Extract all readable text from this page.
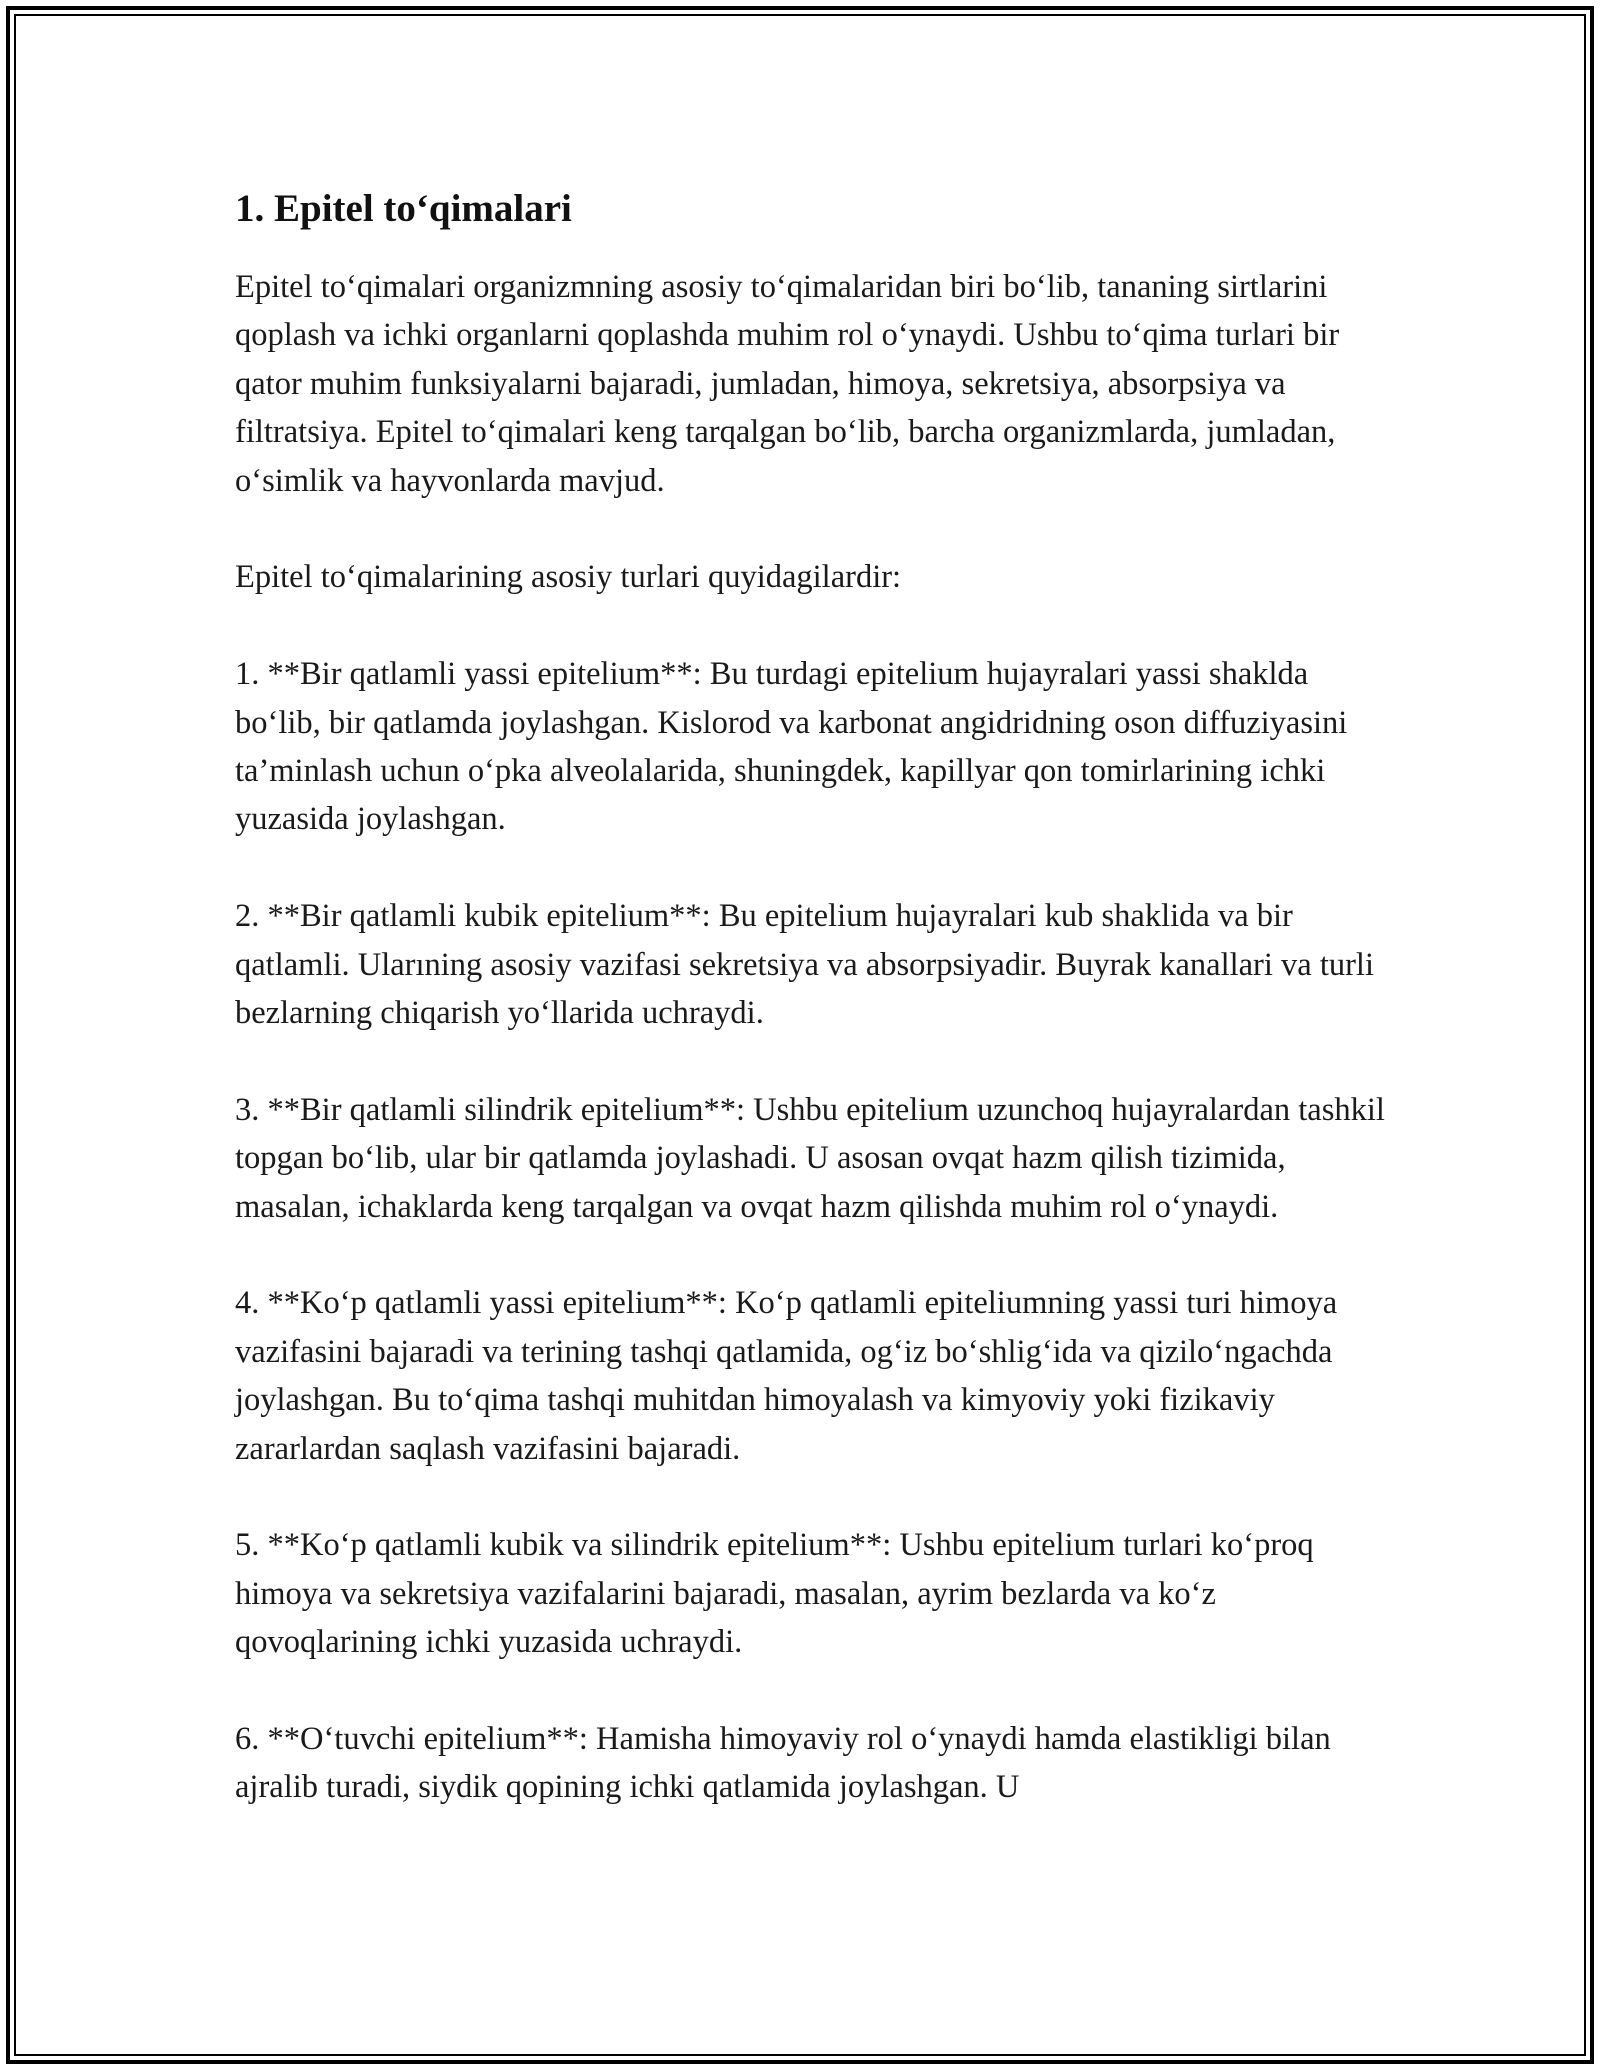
1. Epitel to‘qimalari

Epitel to‘qimalari organizmning asosiy to‘qimalaridan biri bo‘lib, tananing sirtlarini qoplash va ichki organlarni qoplashda muhim rol o‘ynaydi. Ushbu to‘qima turlari bir qator muhim funksiyalarni bajaradi, jumladan, himoya, sekretsiya, absorpsiya va filtratsiya. Epitel to‘qimalari keng tarqalgan bo‘lib, barcha organizmlarda, jumladan, o‘simlik va hayvonlarda mavjud.

Epitel to‘qimalarining asosiy turlari quyidagilardir:

1. **Bir qatlamli yassi epitelium**: Bu turdagi epitelium hujayralari yassi shaklda bo‘lib, bir qatlamda joylashgan. Kislorod va karbonat angidridning oson diffuziyasini ta’minlash uchun o‘pka alveolalarida, shuningdek, kapillyar qon tomirlarining ichki yuzasida joylashgan.

2. **Bir qatlamli kubik epitelium**: Bu epitelium hujayralari kub shaklida va bir qatlamli. Ularıning asosiy vazifasi sekretsiya va absorpsiyadir. Buyrak kanallari va turli bezlarning chiqarish yo‘llarida uchraydi.

3. **Bir qatlamli silindrik epitelium**: Ushbu epitelium uzunchoq hujayralardan tashkil topgan bo‘lib, ular bir qatlamda joylashadi. U asosan ovqat hazm qilish tizimida, masalan, ichaklarda keng tarqalgan va ovqat hazm qilishda muhim rol o‘ynaydi.

4. **Ko‘p qatlamli yassi epitelium**: Ko‘p qatlamli epiteliumning yassi turi himoya vazifasini bajaradi va terining tashqi qatlamida, og‘iz bo‘shlig‘ida va qizilo‘ngachda joylashgan. Bu to‘qima tashqi muhitdan himoyalash va kimyoviy yoki fizikaviy zararlardan saqlash vazifasini bajaradi.

5. **Ko‘p qatlamli kubik va silindrik epitelium**: Ushbu epitelium turlari ko‘proq himoya va sekretsiya vazifalarini bajaradi, masalan, ayrim bezlarda va ko‘z qovoqlarining ichki yuzasida uchraydi.

6. **O‘tuvchi epitelium**: Hamisha himoyaviy rol o‘ynaydi hamda elastikligi bilan ajralib turadi, siydik qopining ichki qatlamida joylashgan. U
